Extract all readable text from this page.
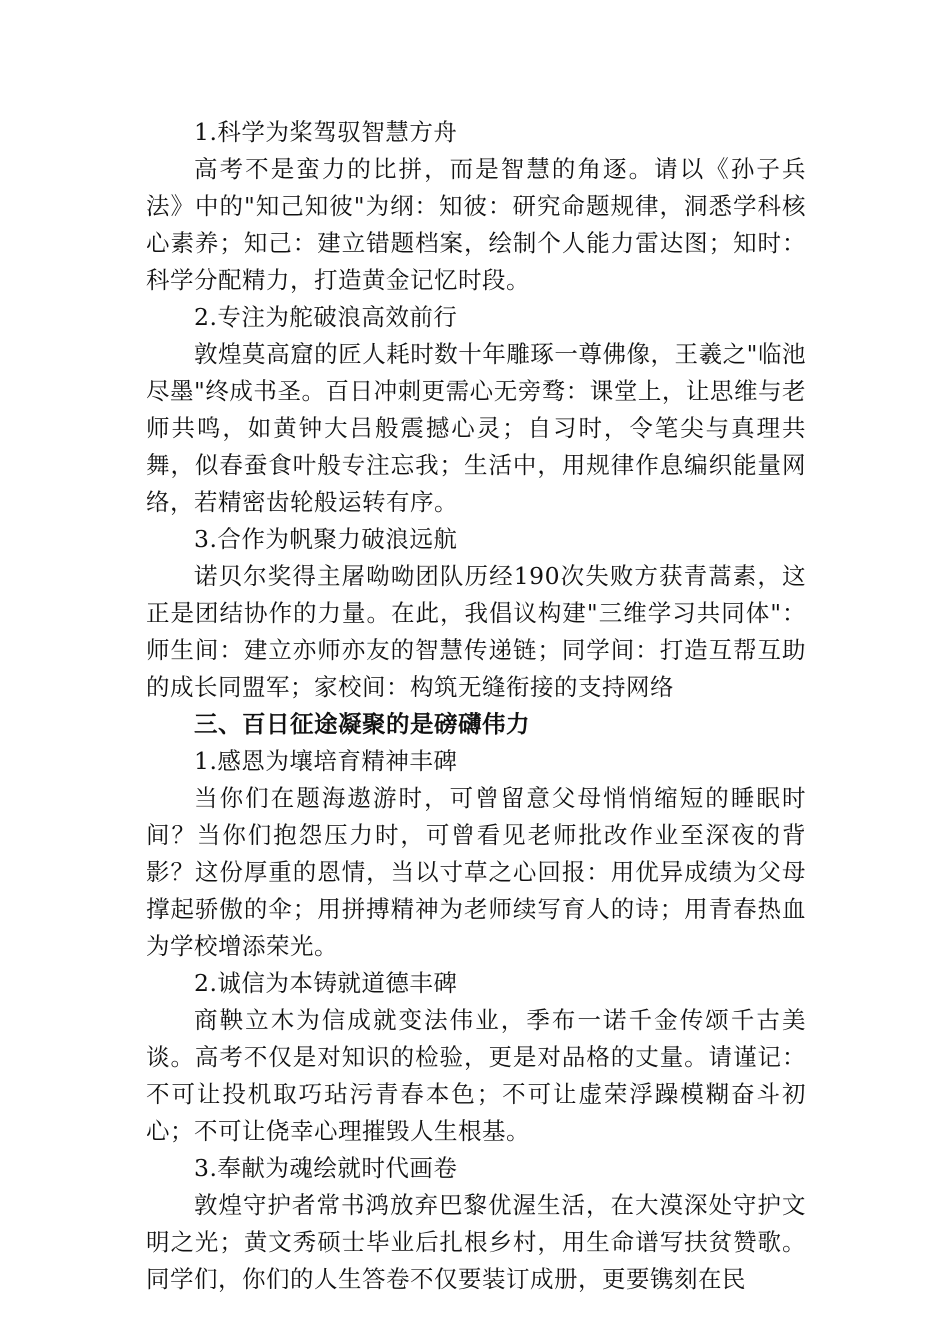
1.科学为桨驾驭智慧方舟

高考不是蛮力的比拼，而是智慧的角逐。请以《孙子兵法》中的"知己知彼"为纲：知彼：研究命题规律，洞悉学科核心素养；知己：建立错题档案，绘制个人能力雷达图；知时：科学分配精力，打造黄金记忆时段。

2.专注为舵破浪高效前行

敦煌莫高窟的匠人耗时数十年雕琢一尊佛像，王羲之"临池尽墨"终成书圣。百日冲刺更需心无旁骛：课堂上，让思维与老师共鸣，如黄钟大吕般震撼心灵；自习时，令笔尖与真理共舞，似春蚕食叶般专注忘我；生活中，用规律作息编织能量网络，若精密齿轮般运转有序。

3.合作为帆聚力破浪远航

诺贝尔奖得主屠呦呦团队历经190次失败方获青蒿素，这正是团结协作的力量。在此，我倡议构建"三维学习共同体"：师生间：建立亦师亦友的智慧传递链；同学间：打造互帮互助的成长同盟军；家校间：构筑无缝衔接的支持网络

三、百日征途凝聚的是磅礴伟力

1.感恩为壤培育精神丰碑

当你们在题海遨游时，可曾留意父母悄悄缩短的睡眠时间？当你们抱怨压力时，可曾看见老师批改作业至深夜的背影？这份厚重的恩情，当以寸草之心回报：用优异成绩为父母撑起骄傲的伞；用拼搏精神为老师续写育人的诗；用青春热血为学校增添荣光。

2.诚信为本铸就道德丰碑

商鞅立木为信成就变法伟业，季布一诺千金传颂千古美谈。高考不仅是对知识的检验，更是对品格的丈量。请谨记：不可让投机取巧玷污青春本色；不可让虚荣浮躁模糊奋斗初心；不可让侥幸心理摧毁人生根基。

3.奉献为魂绘就时代画卷

敦煌守护者常书鸿放弃巴黎优渥生活，在大漠深处守护文明之光；黄文秀硕士毕业后扎根乡村，用生命谱写扶贫赞歌。同学们，你们的人生答卷不仅要装订成册，更要镌刻在民
